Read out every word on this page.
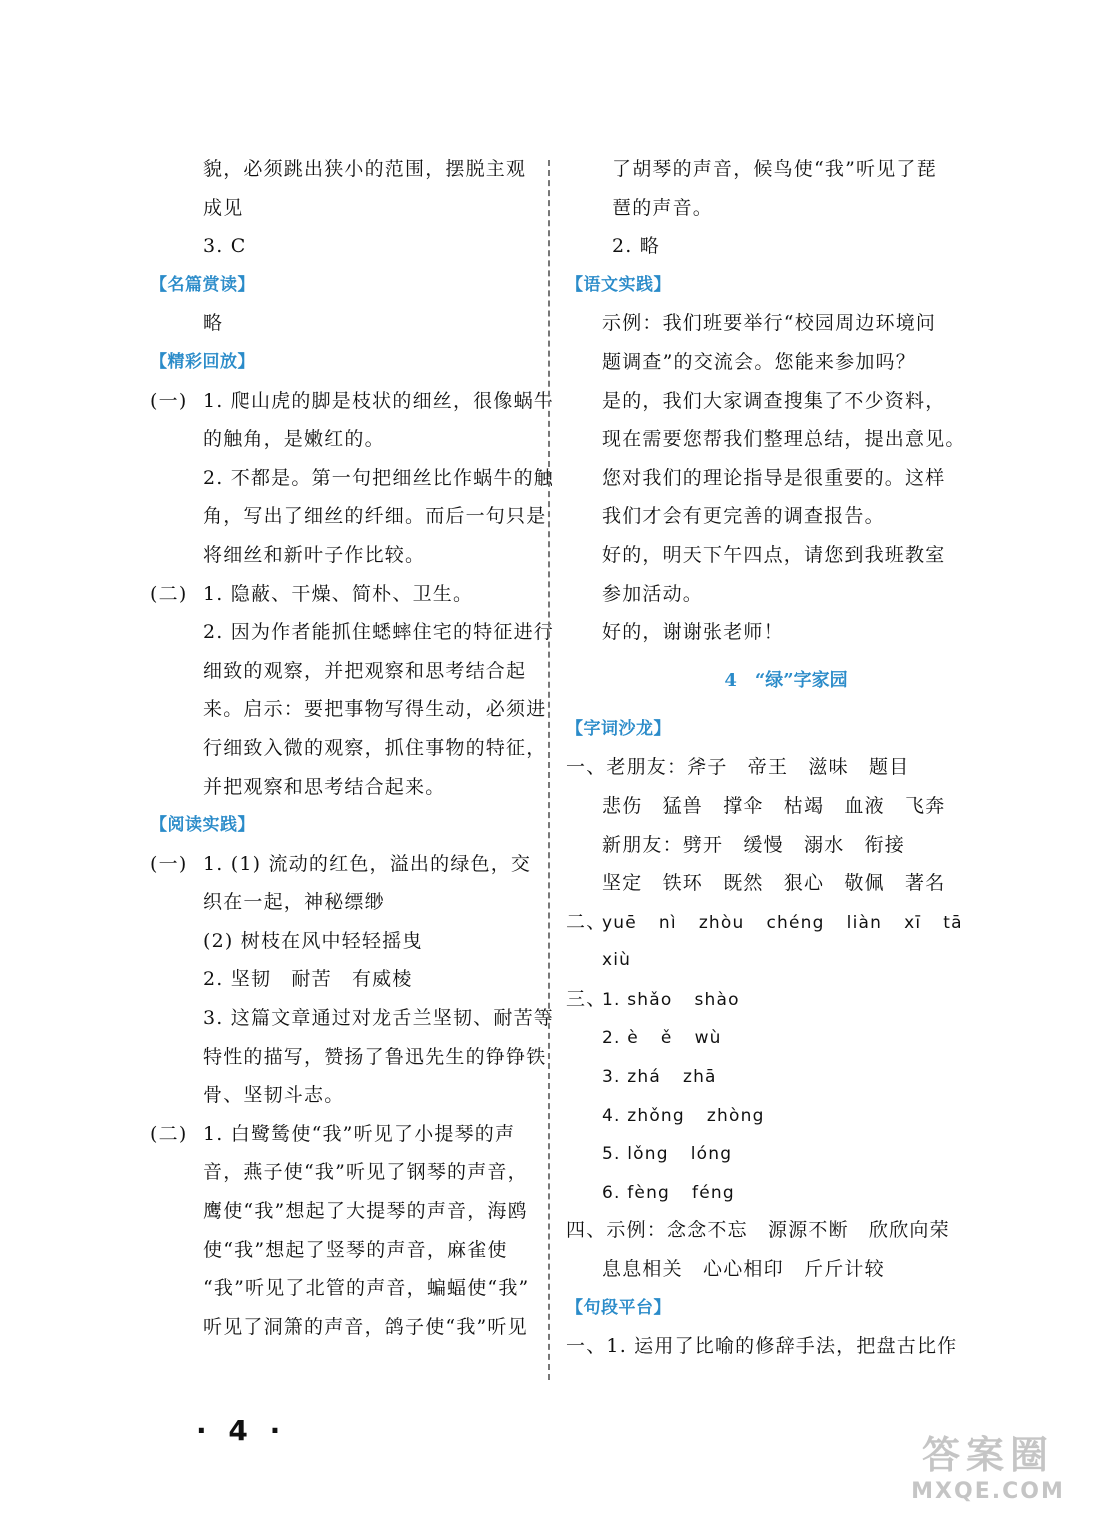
貌，必须跳出狭小的范围，摆脱主观
成见
3. C
【名篇赏读】
略
【精彩回放】
(一) 1. 爬山虎的脚是枝状的细丝，很像蜗牛
的触角，是嫩红的。
2. 不都是。第一句把细丝比作蜗牛的触
角，写出了细丝的纤细。而后一句只是
将细丝和新叶子作比较。
(二) 1. 隐蔽、干燥、简朴、卫生。
2. 因为作者能抓住蟋蟀住宅的特征进行
细致的观察，并把观察和思考结合起
来。启示：要把事物写得生动，必须进
行细致入微的观察，抓住事物的特征，
并把观察和思考结合起来。
【阅读实践】
(一) 1. (1) 流动的红色，溢出的绿色，交
织在一起，神秘缥缈
(2) 树枝在风中轻轻摇曳
2. 坚韧　耐苦　有威棱
3. 这篇文章通过对龙舌兰坚韧、耐苦等
特性的描写，赞扬了鲁迅先生的铮铮铁
骨、坚韧斗志。
(二) 1. 白鹭鸶使“我”听见了小提琴的声
音，燕子使“我”听见了钢琴的声音，
鹰使“我”想起了大提琴的声音，海鸥
使“我”想起了竖琴的声音，麻雀使
“我”听见了北管的声音，蝙蝠使“我”
听见了洞箫的声音，鸽子使“我”听见
了胡琴的声音，候鸟使“我”听见了琵
琶的声音。
2. 略
【语文实践】
示例：我们班要举行“校园周边环境问
题调查”的交流会。您能来参加吗？
是的，我们大家调查搜集了不少资料，
现在需要您帮我们整理总结，提出意见。
您对我们的理论指导是很重要的。这样
我们才会有更完善的调查报告。
好的，明天下午四点，请您到我班教室
参加活动。
好的，谢谢张老师！
4　“绿”字家园
【字词沙龙】
一、老朋友：斧子　帝王　滋味　题目
悲伤　猛兽　撑伞　枯竭　血液　飞奔
新朋友：劈开　缓慢　溺水　衔接
坚定　铁环　既然　狠心　敬佩　著名
二、yuē nì zhòu chéng liàn xī tā
xiù
三、1. shǎo shào
2. è ě wù
3. zhá zhā
4. zhǒng zhòng
5. lǒng lóng
6. fèng féng
四、示例：念念不忘　源源不断　欣欣向荣
息息相关　心心相印　斤斤计较
【句段平台】
一、1. 运用了比喻的修辞手法，把盘古比作
· 4 ·
答案圈
MXQE.COM
